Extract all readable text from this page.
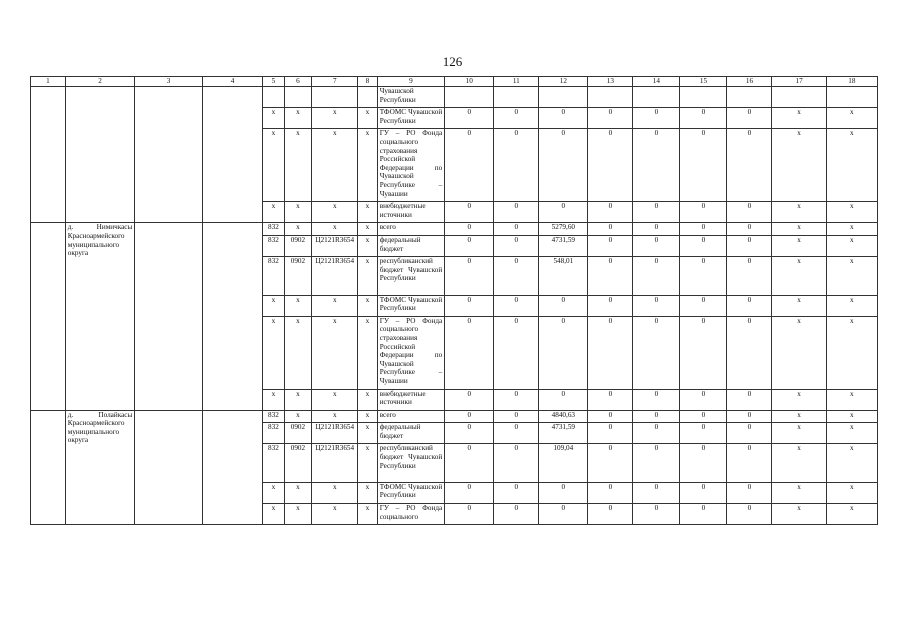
126
1	2	3	4	5	6	7	8	9	10	11	12	13	14	15	16	17	18
								Чувашской Республики									
				x	x	x	x	ТФОМС Чувашской Республики	0	0	0	0	0	0	0	x	x
				x	x	x	x	ГУ – РО Фонда социального страхования Российской Федерации по Чувашской Республике – Чувашии	0	0	0	0	0	0	0	x	x
				x	x	x	x	внебюджетные источники	0	0	0	0	0	0	0	x	x
	д. Нимичкасы Красноармейского муниципального округа			832	x	x	x	всего	0	0	5279,60	0	0	0	0	x	x
				832	0902	Ц2121R3654	x	федеральный бюджет	0	0	4731,59	0	0	0	0	x	x
				832	0902	Ц2121R3654	x	республиканский бюджет Чувашской Республики	0	0	548,01	0	0	0	0	x	x
				x	x	x	x	ТФОМС Чувашской Республики	0	0	0	0	0	0	0	x	x
				x	x	x	x	ГУ – РО Фонда социального страхования Российской Федерации по Чувашской Республике – Чувашии	0	0	0	0	0	0	0	x	x
				x	x	x	x	внебюджетные источники	0	0	0	0	0	0	0	x	x
	д. Полайкасы Красноармейского муниципального округа			832	x	x	x	всего	0	0	4840,63	0	0	0	0	x	x
				832	0902	Ц2121R3654	x	федеральный бюджет	0	0	4731,59	0	0	0	0	x	x
				832	0902	Ц2121R3654	x	республиканский бюджет Чувашской Республики	0	0	109,04	0	0	0	0	x	x
				x	x	x	x	ТФОМС Чувашской Республики	0	0	0	0	0	0	0	x	x
				x	x	x	x	ГУ – РО Фонда социального	0	0	0	0	0	0	0	x	x
